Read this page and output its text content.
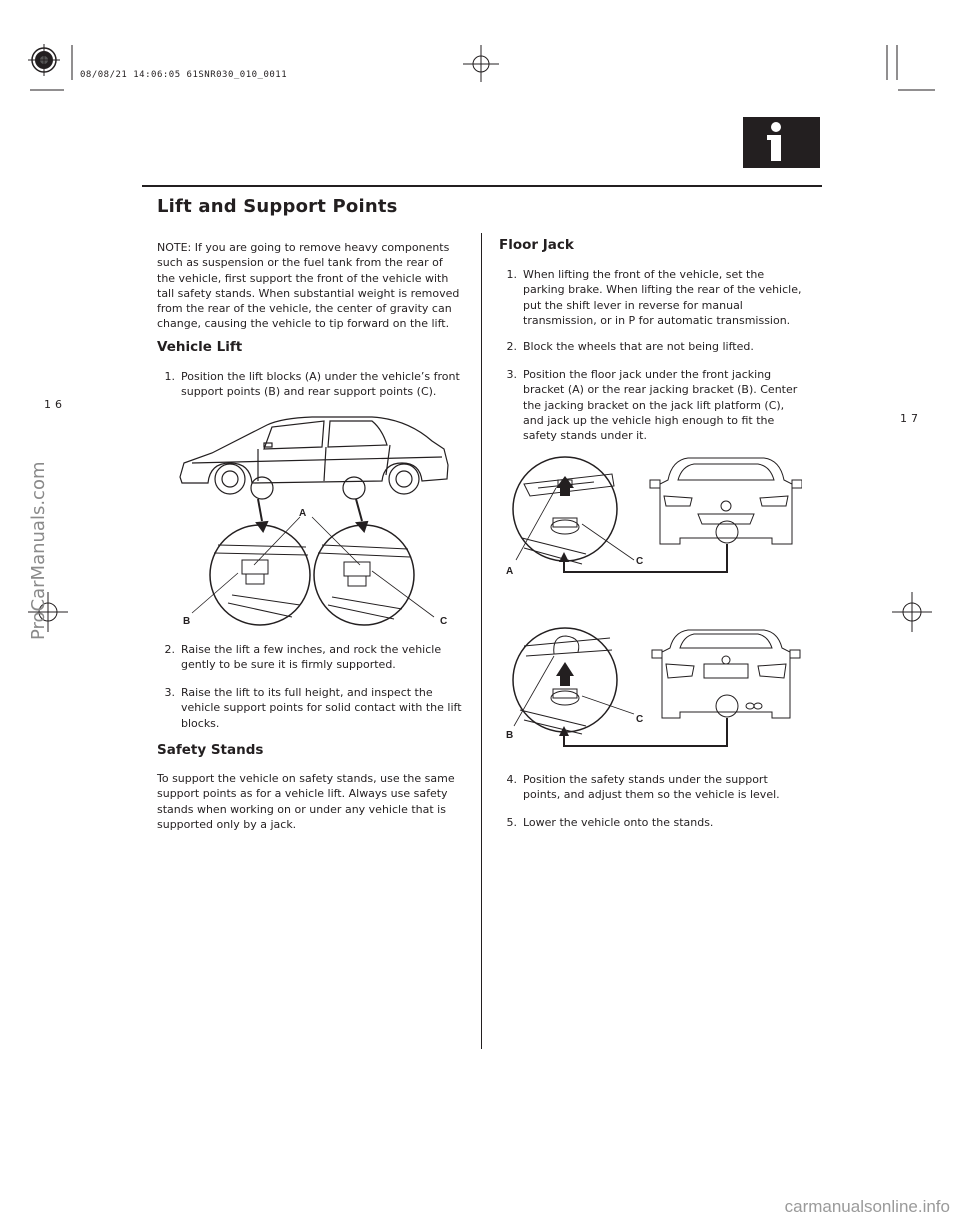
08/08/21 14:06:05 61SNR030_010_0011
Lift and Support Points
16
17
NOTE: If you are going to remove heavy components such as suspension or the fuel tank from the rear of the vehicle, first support the front of the vehicle with tall safety stands. When substantial weight is removed from the rear of the vehicle, the center of gravity can change, causing the vehicle to tip forward on the lift.
Vehicle Lift
1. Position the lift blocks (A) under the vehicle’s front support points (B) and rear support points (C).
A
B	C
2. Raise the lift a few inches, and rock the vehicle gently to be sure it is firmly supported.
3. Raise the lift to its full height, and inspect the vehicle support points for solid contact with the lift blocks.
Safety Stands
To support the vehicle on safety stands, use the same support points as for a vehicle lift. Always use safety stands when working on or under any vehicle that is supported only by a jack.
Floor Jack
1. When lifting the front of the vehicle, set the parking brake. When lifting the rear of the vehicle, put the shift lever in reverse for manual transmission, or in P for automatic transmission.
2. Block the wheels that are not being lifted.
3. Position the floor jack under the front jacking bracket (A) or the rear jacking bracket (B). Center the jacking bracket on the jack lift platform (C), and jack up the vehicle high enough to fit the safety stands under it.
A
C
B
C
4. Position the safety stands under the support points, and adjust them so the vehicle is level.
5. Lower the vehicle onto the stands.
ProCarManuals.com
carmanualsonline.info
